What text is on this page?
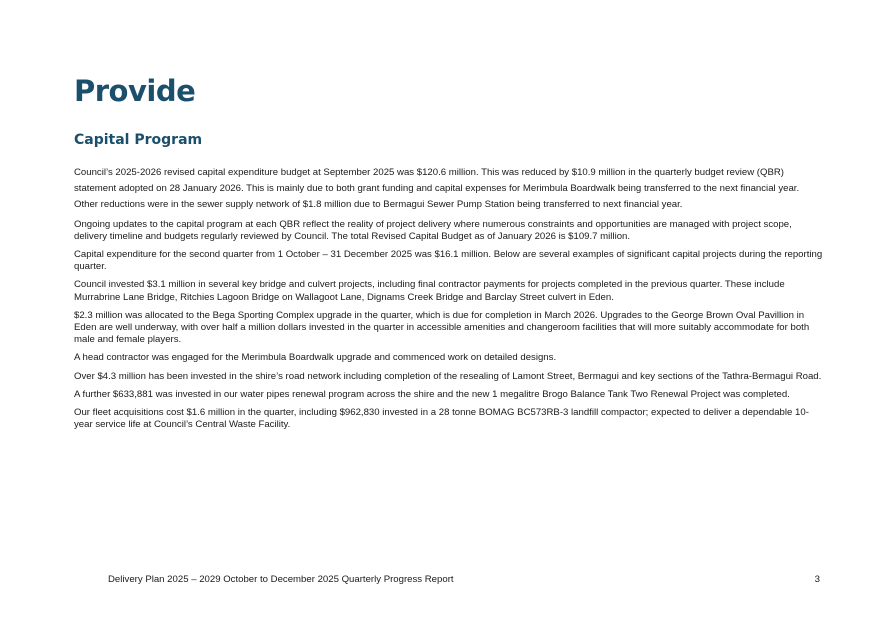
Provide
Capital Program

Council’s 2025-2026 revised capital expenditure budget at September 2025 was $120.6 million. This was reduced by $10.9 million in the quarterly budget review (QBR) statement adopted on 28 January 2026. This is mainly due to both grant funding and capital expenses for Merimbula Boardwalk being transferred to the next financial year. Other reductions were in the sewer supply network of $1.8 million due to Bermagui Sewer Pump Station being transferred to next financial year.

Ongoing updates to the capital program at each QBR reflect the reality of project delivery where numerous constraints and opportunities are managed with project scope, delivery timeline and budgets regularly reviewed by Council. The total Revised Capital Budget as of January 2026 is $109.7 million.

Capital expenditure for the second quarter from 1 October – 31 December 2025 was $16.1 million. Below are several examples of significant capital projects during the reporting quarter.

Council invested $3.1 million in several key bridge and culvert projects, including final contractor payments for projects completed in the previous quarter. These include Murrabrine Lane Bridge, Ritchies Lagoon Bridge on Wallagoot Lane, Dignams Creek Bridge and Barclay Street culvert in Eden.

$2.3 million was allocated to the Bega Sporting Complex upgrade in the quarter, which is due for completion in March 2026. Upgrades to the George Brown Oval Pavillion in Eden are well underway, with over half a million dollars invested in the quarter in accessible amenities and changeroom facilities that will more suitably accommodate for both male and female players.

A head contractor was engaged for the Merimbula Boardwalk upgrade and commenced work on detailed designs.

Over $4.3 million has been invested in the shire’s road network including completion of the resealing of Lamont Street, Bermagui and key sections of the Tathra-Bermagui Road.

A further $633,881 was invested in our water pipes renewal program across the shire and the new 1 megalitre Brogo Balance Tank Two Renewal Project was completed.

Our fleet acquisitions cost $1.6 million in the quarter, including $962,830 invested in a 28 tonne BOMAG BC573RB-3 landfill compactor; expected to deliver a dependable 10-year service life at Council’s Central Waste Facility.

Delivery Plan 2025 – 2029 October to December 2025 Quarterly Progress Report	3
